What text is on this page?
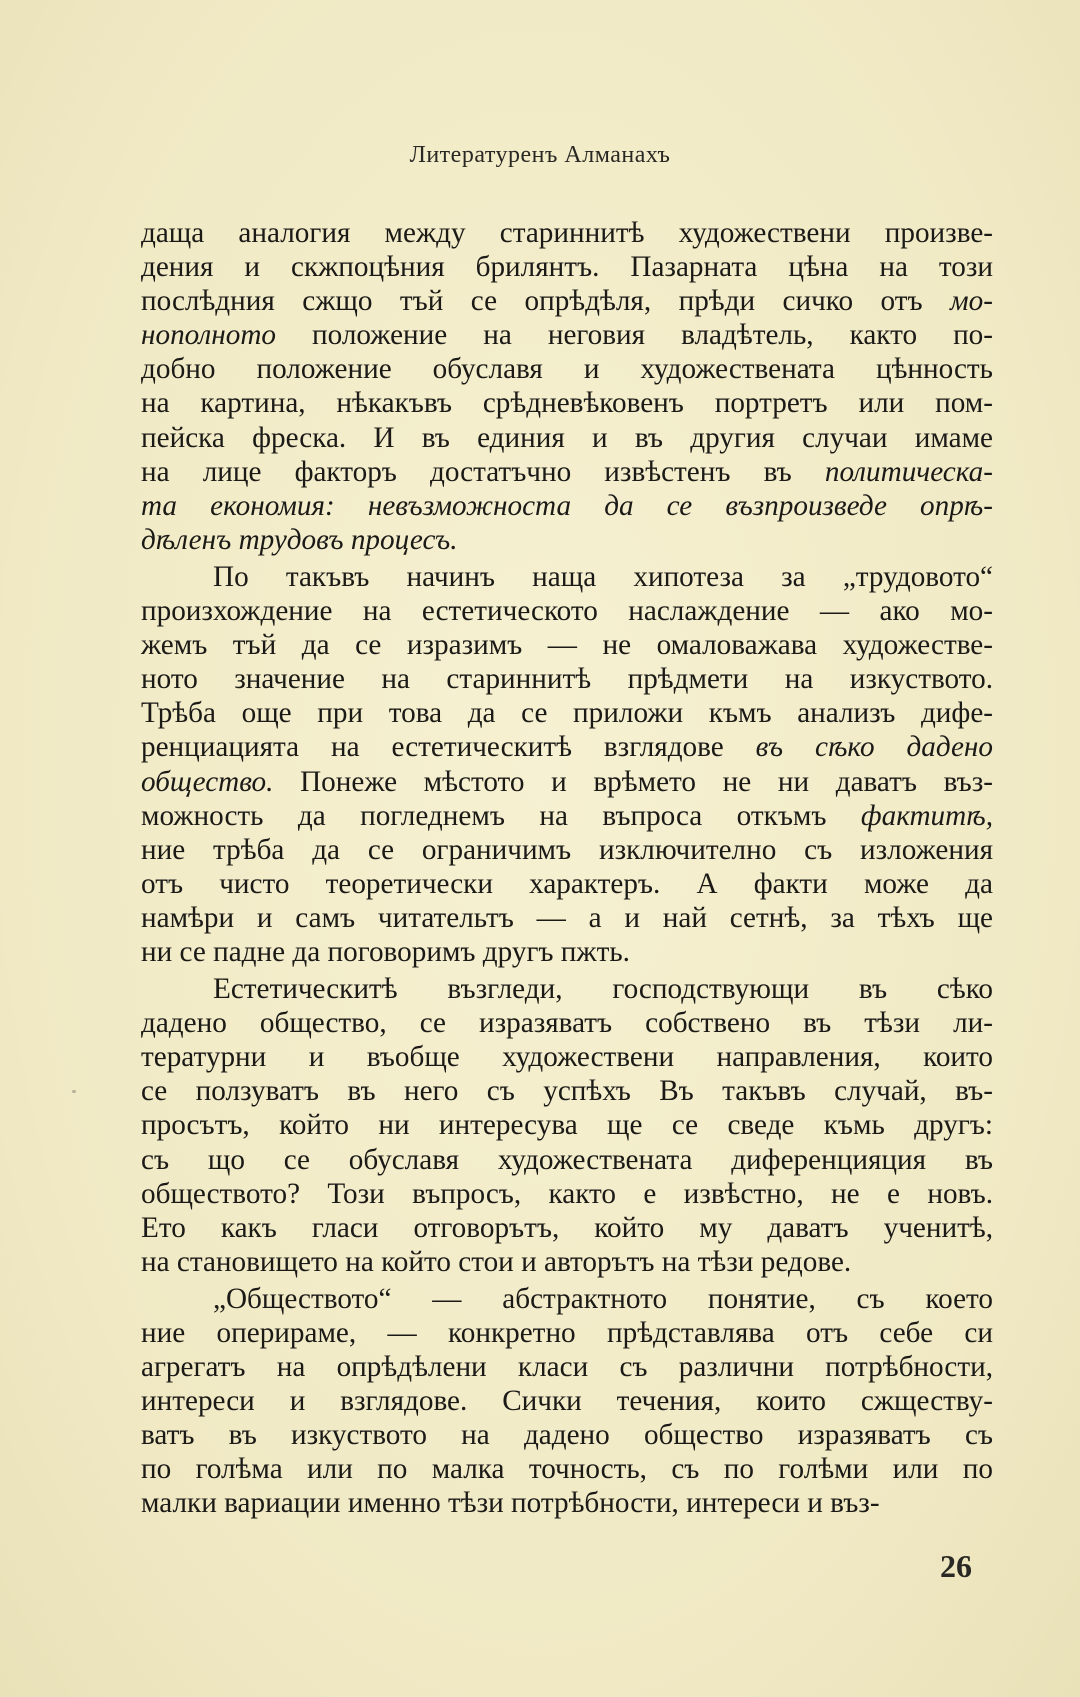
Литературенъ Алманахъ
даща аналогия между стариннитѣ художествени произве-
дения и скжпоцѣния брилянтъ. Пазарната цѣна на този
послѣдния сжщо тъй се опрѣдѣля, прѣди сичко отъ мо-
нополното положение на неговия владѣтель, както по-
добно положение обуславя и художествената цѣнность
на картина, нѣкакъвъ срѣдневѣковенъ портретъ или пом-
пейска фреска. И въ единия и въ другия случаи имаме
на лице факторъ достатъчно извѣстенъ въ политическа-
та економия: невъзможноста да се възпроизведе опрѣ-
дѣленъ трудовъ процесъ.
По такъвъ начинъ наща хипотеза за „трудовото“
произхождение на естетическото наслаждение — ако мо-
жемъ тъй да се изразимъ — не омаловажава художестве-
ното значение на стариннитѣ прѣдмети на изкуството.
Трѣба още при това да се приложи къмъ анализъ дифе-
ренциацията на естетическитѣ взглядове въ сѣко дадено
общество. Понеже мѣстото и врѣмето не ни даватъ въз-
можность да погледнемъ на въпроса откъмъ фактитѣ,
ние трѣба да се ограничимъ изключително съ изложения
отъ чисто теоретически характеръ. А факти може да
намѣри и самъ читательтъ — а и най сетнѣ, за тѣхъ ще
ни се падне да поговоримъ другъ пжть.
Естетическитѣ възгледи, господствующи въ сѣко
дадено общество, се изразяватъ собствено въ тѣзи ли-
тературни и въобще художествени направления, които
се ползуватъ въ него съ успѣхъ Въ такъвъ случай, въ-
просътъ, който ни интересува ще се сведе къмь другъ:
съ що се обуславя художествената диференцияция въ
обществото? Този въпросъ, както е извѣстно, не е новъ.
Ето какъ гласи отговорътъ, който му даватъ ученитѣ,
на становището на който стои и авторътъ на тѣзи редове.
„Обществото“ — абстрактното понятие, съ което
ние оперираме, — конкретно прѣдставлява отъ себе си
агрегатъ на опрѣдѣлени класи съ различни потрѣбности,
интереси и взглядове. Сички течения, които сжществу-
ватъ въ изкуството на дадено общество изразяватъ съ
по голѣма или по малка точность, съ по голѣми или по
малки вариации именно тѣзи потрѣбности, интереси и въз-
26
